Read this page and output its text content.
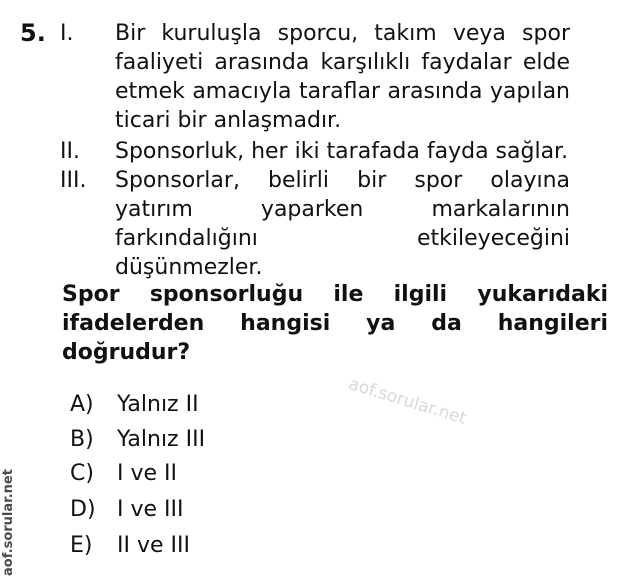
5. I. Bir kuruluşla sporcu, takım veya spor faaliyeti arasında karşılıklı faydalar elde etmek amacıyla taraflar arasında yapılan ticari bir anlaşmadır.
II. Sponsorluk, her iki tarafada fayda sağlar.
III. Sponsorlar, belirli bir spor olayına yatırım yaparken markalarının farkındalığını etkileyeceğini düşünmezler.
Spor sponsorluğu ile ilgili yukarıdaki ifadelerden hangisi ya da hangileri doğrudur?
A) Yalnız II
B) Yalnız III
C) I ve II
D) I ve III
E) II ve III
aof.sorular.net
aof.sorular.net
